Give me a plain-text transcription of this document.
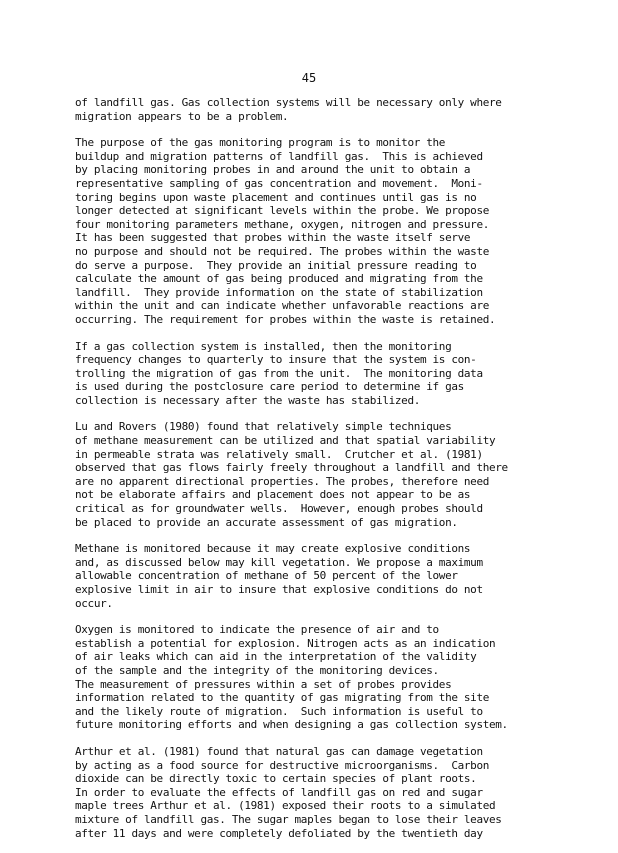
45
of landfill gas. Gas collection systems will be necessary only where
migration appears to be a problem.
The purpose of the gas monitoring program is to monitor the
buildup and migration patterns of landfill gas.  This is achieved
by placing monitoring probes in and around the unit to obtain a
representative sampling of gas concentration and movement.  Moni-
toring begins upon waste placement and continues until gas is no
longer detected at significant levels within the probe. We propose
four monitoring parameters methane, oxygen, nitrogen and pressure.
It has been suggested that probes within the waste itself serve
no purpose and should not be required. The probes within the waste
do serve a purpose.  They provide an initial pressure reading to
calculate the amount of gas being produced and migrating from the
landfill.  They provide information on the state of stabilization
within the unit and can indicate whether unfavorable reactions are
occurring. The requirement for probes within the waste is retained.
If a gas collection system is installed, then the monitoring
frequency changes to quarterly to insure that the system is con-
trolling the migration of gas from the unit.  The monitoring data
is used during the postclosure care period to determine if gas
collection is necessary after the waste has stabilized.
Lu and Rovers (1980) found that relatively simple techniques
of methane measurement can be utilized and that spatial variability
in permeable strata was relatively small.  Crutcher et al. (1981)
observed that gas flows fairly freely throughout a landfill and there
are no apparent directional properties. The probes, therefore need
not be elaborate affairs and placement does not appear to be as
critical as for groundwater wells.  However, enough probes should
be placed to provide an accurate assessment of gas migration.
Methane is monitored because it may create explosive conditions
and, as discussed below may kill vegetation. We propose a maximum
allowable concentration of methane of 50 percent of the lower
explosive limit in air to insure that explosive conditions do not
occur.
Oxygen is monitored to indicate the presence of air and to
establish a potential for explosion. Nitrogen acts as an indication
of air leaks which can aid in the interpretation of the validity
of the sample and the integrity of the monitoring devices.
The measurement of pressures within a set of probes provides
information related to the quantity of gas migrating from the site
and the likely route of migration.  Such information is useful to
future monitoring efforts and when designing a gas collection system.
Arthur et al. (1981) found that natural gas can damage vegetation
by acting as a food source for destructive microorganisms.  Carbon
dioxide can be directly toxic to certain species of plant roots.
In order to evaluate the effects of landfill gas on red and sugar
maple trees Arthur et al. (1981) exposed their roots to a simulated
mixture of landfill gas. The sugar maples began to lose their leaves
after 11 days and were completely defoliated by the twentieth day
